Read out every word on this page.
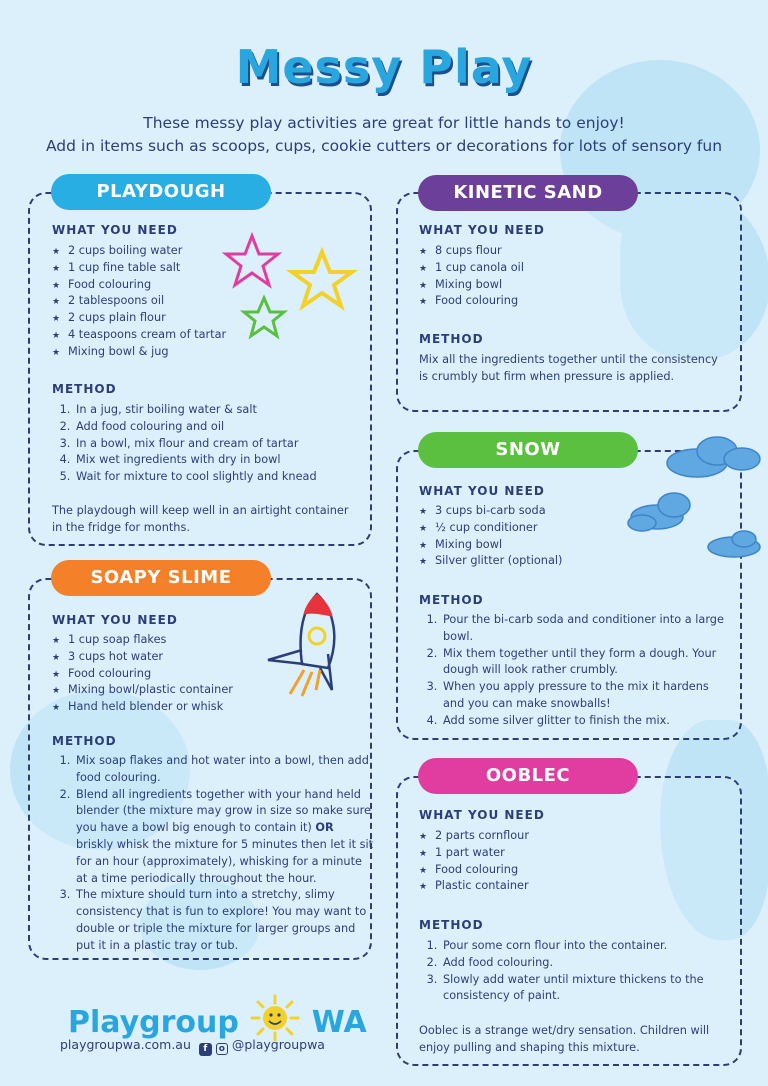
Messy Play
These messy play activities are great for little hands to enjoy!
Add in items such as scoops, cups, cookie cutters or decorations for lots of sensory fun
PLAYDOUGH
WHAT YOU NEED
★ 2 cups boiling water
★ 1 cup fine table salt
★ Food colouring
★ 2 tablespoons oil
★ 2 cups plain flour
★ 4 teaspoons cream of tartar
★ Mixing bowl & jug
METHOD
1. In a jug, stir boiling water & salt
2. Add food colouring and oil
3. In a bowl, mix flour and cream of tartar
4. Mix wet ingredients with dry in bowl
5. Wait for mixture to cool slightly and knead
The playdough will keep well in an airtight container in the fridge for months.
KINETIC SAND
WHAT YOU NEED
★ 8 cups flour
★ 1 cup canola oil
★ Mixing bowl
★ Food colouring
METHOD
Mix all the ingredients together until the consistency is crumbly but firm when pressure is applied.
SNOW
WHAT YOU NEED
★ 3 cups bi-carb soda
★ ½ cup conditioner
★ Mixing bowl
★ Silver glitter (optional)
METHOD
1. Pour the bi-carb soda and conditioner into a large bowl.
2. Mix them together until they form a dough. Your dough will look rather crumbly.
3. When you apply pressure to the mix it hardens and you can make snowballs!
4. Add some silver glitter to finish the mix.
SOAPY SLIME
WHAT YOU NEED
★ 1 cup soap flakes
★ 3 cups hot water
★ Food colouring
★ Mixing bowl/plastic container
★ Hand held blender or whisk
METHOD
1. Mix soap flakes and hot water into a bowl, then add food colouring.
2. Blend all ingredients together with your hand held blender (the mixture may grow in size so make sure you have a bowl big enough to contain it) OR briskly whisk the mixture for 5 minutes then let it sit for an hour (approximately), whisking for a minute at a time periodically throughout the hour.
3. The mixture should turn into a stretchy, slimy consistency that is fun to explore! You may want to double or triple the mixture for larger groups and put it in a plastic tray or tub.
OOBLEC
WHAT YOU NEED
★ 2 parts cornflour
★ 1 part water
★ Food colouring
★ Plastic container
METHOD
1. Pour some corn flour into the container.
2. Add food colouring.
3. Slowly add water until mixture thickens to the consistency of paint.
Ooblec is a strange wet/dry sensation. Children will enjoy pulling and shaping this mixture.
Playgroup WA
playgroupwa.com.au f o @playgroupwa
